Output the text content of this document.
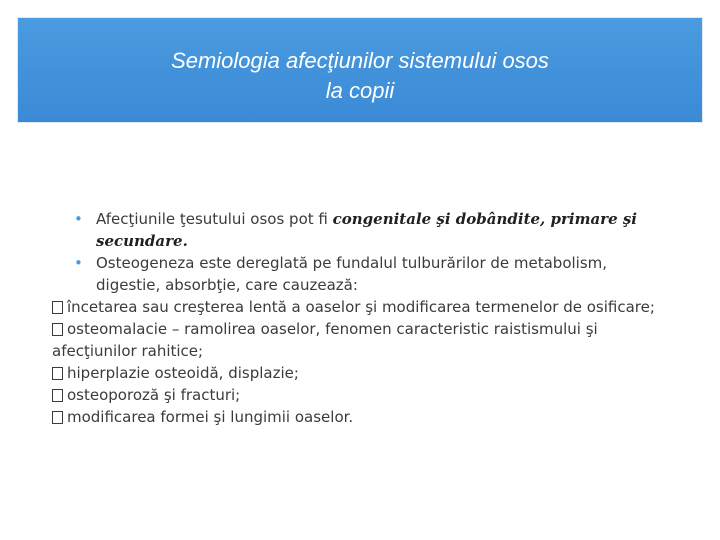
Semiologia afecţiunilor sistemului osos
la copii

• Afecţiunile ţesutului osos pot fi congenitale şi dobândite, primare şi secundare.

• Osteogeneza este dereglată pe fundalul tulburărilor de metabolism, digestie, absorbţie, care cauzează:

încetarea sau creşterea lentă a oaselor şi modificarea termenelor de osificare;

osteomalacie – ramolirea oaselor, fenomen caracteristic raistismului şi afecţiunilor rahitice;

hiperplazie osteoidă, displazie;

osteoporoză şi fracturi;

modificarea formei şi lungimii oaselor.
